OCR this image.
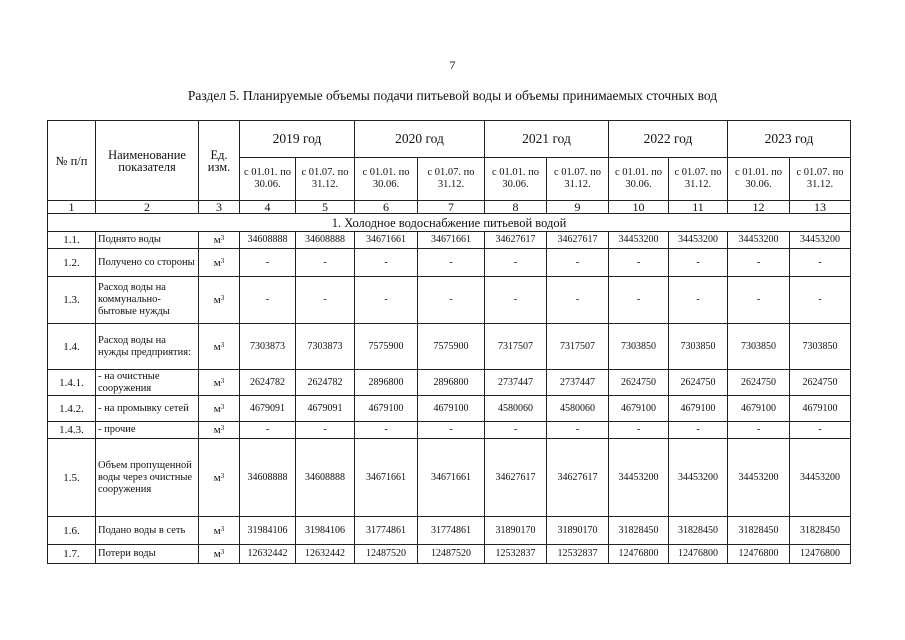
7
Раздел 5. Планируемые объемы подачи питьевой воды и объемы принимаемых сточных вод
№ п/п	Наименование показателя	Ед. изм.	2019 год		2020 год		2021 год		2022 год		2023 год	
			с 01.01. по 30.06.	с 01.07. по 31.12.	с 01.01. по 30.06.	с 01.07. по 31.12.	с 01.01. по 30.06.	с 01.07. по 31.12.	с 01.01. по 30.06.	с 01.07. по 31.12.	с 01.01. по 30.06.	с 01.07. по 31.12.
1	2	3	4	5	6	7	8	9	10	11	12	13
1. Холодное водоснабжение питьевой водой												
1.1.	Поднято воды	$м^3$	34608888	34608888	34671661	34671661	34627617	34627617	34453200	34453200	34453200	34453200
1.2.	Получено со стороны	$м^3$	-	-	-	-	-	-	-	-	-	-
1.3.	Расход воды на коммунально-бытовые нужды	$м^3$	-	-	-	-	-	-	-	-	-	-
1.4.	Расход воды на нужды предприятия:	$м^3$	7303873	7303873	7575900	7575900	7317507	7317507	7303850	7303850	7303850	7303850
1.4.1.	- на очистные сооружения	$м^3$	2624782	2624782	2896800	2896800	2737447	2737447	2624750	2624750	2624750	2624750
1.4.2.	- на промывку сетей	$м^3$	4679091	4679091	4679100	4679100	4580060	4580060	4679100	4679100	4679100	4679100
1.4.3.	- прочие	$м^3$	-	-	-	-	-	-	-	-	-	-
1.5.	Объем пропущенной воды через очистные сооружения	$м^3$	34608888	34608888	34671661	34671661	34627617	34627617	34453200	34453200	34453200	34453200
1.6.	Подано воды в сеть	$м^3$	31984106	31984106	31774861	31774861	31890170	31890170	31828450	31828450	31828450	31828450
1.7.	Потери воды	$м^3$	12632442	12632442	12487520	12487520	12532837	12532837	12476800	12476800	12476800	12476800
